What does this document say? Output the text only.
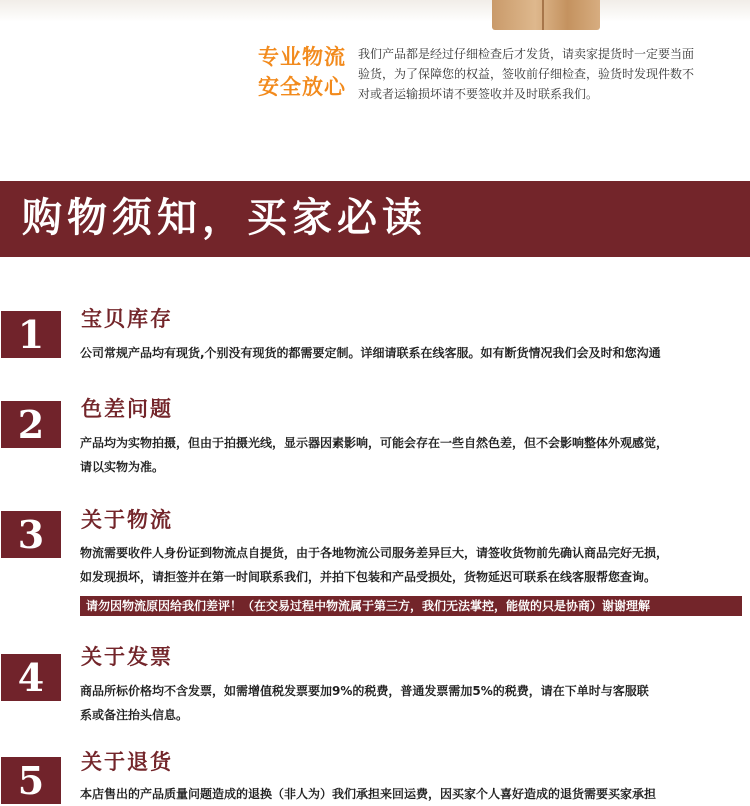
专业物流
安全放心
我们产品都是经过仔细检查后才发货，请卖家提货时一定要当面
验货，为了保障您的权益，签收前仔细检查，验货时发现件数不
对或者运输损坏请不要签收并及时联系我们。
购物须知，买家必读
1	宝贝库存
公司常规产品均有现货,个别没有现货的都需要定制。详细请联系在线客服。如有断货情况我们会及时和您沟通
2	色差问题
产品均为实物拍摄，但由于拍摄光线，显示器因素影响，可能会存在一些自然色差，但不会影响整体外观感觉，
请以实物为准。
3	关于物流
物流需要收件人身份证到物流点自提货，由于各地物流公司服务差异巨大，请签收货物前先确认商品完好无损，
如发现损坏，请拒签并在第一时间联系我们，并拍下包装和产品受损处，货物延迟可联系在线客服帮您查询。
请勿因物流原因给我们差评！（在交易过程中物流属于第三方，我们无法掌控，能做的只是协商）谢谢理解
4	关于发票
商品所标价格均不含发票，如需增值税发票要加9%的税费，普通发票需加5%的税费，请在下单时与客服联
系或备注抬头信息。
5	关于退货
本店售出的产品质量问题造成的退换（非人为）我们承担来回运费，因买家个人喜好造成的退货需要买家承担
